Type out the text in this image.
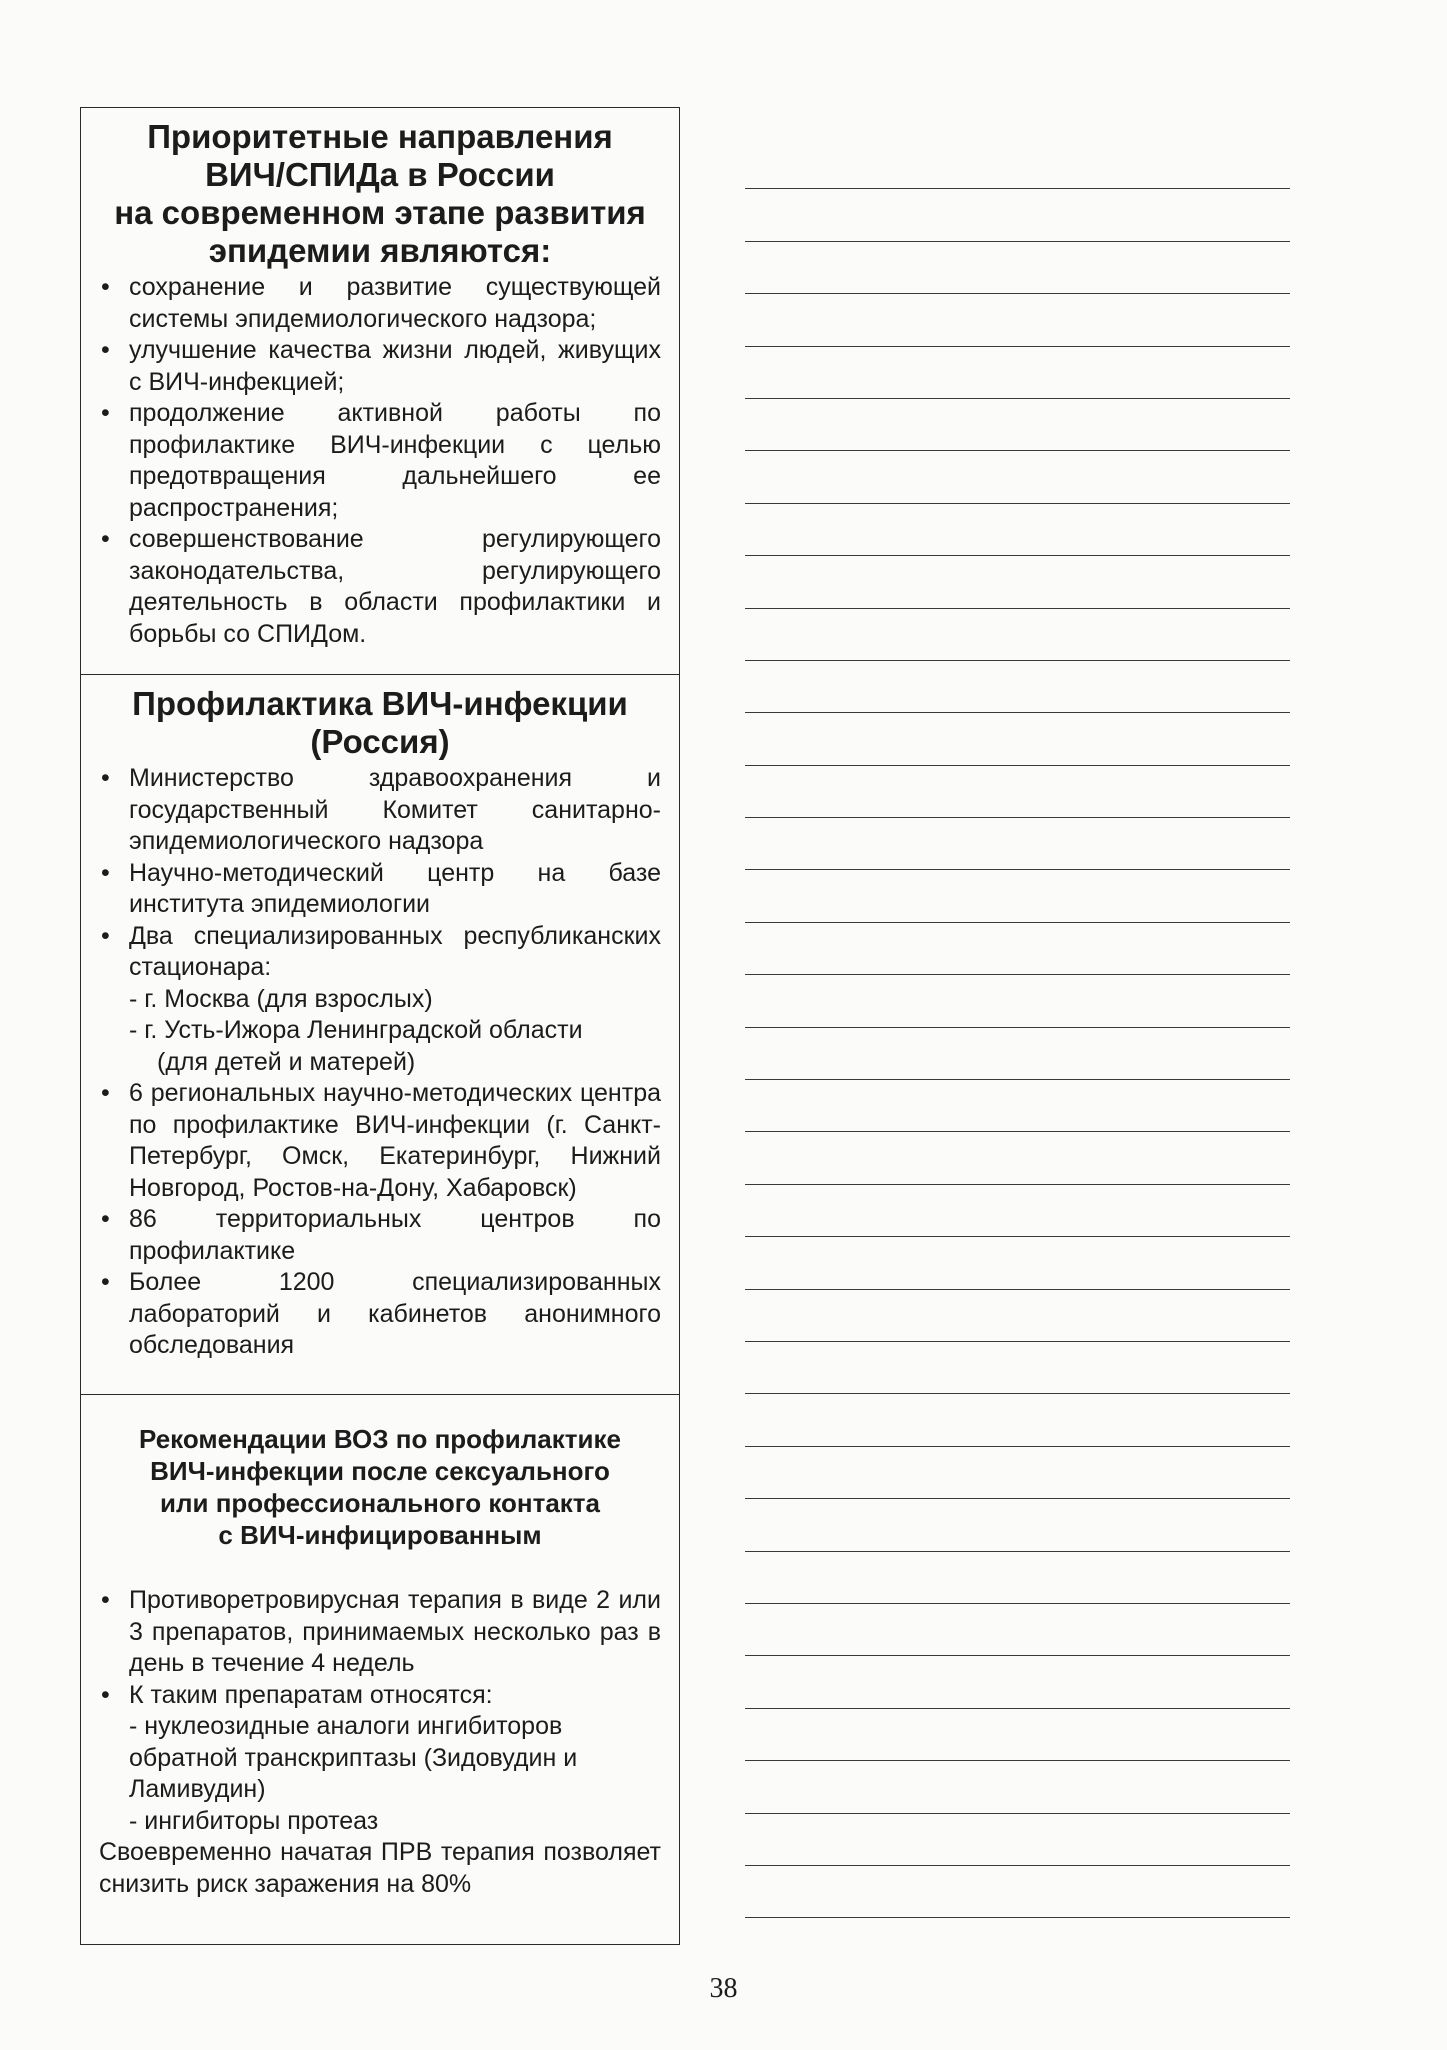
Приоритетные направления
ВИЧ/СПИДа в России
на современном этапе развития
эпидемии являются:
• сохранение и развитие существующей системы эпидемиологического надзора;
• улучшение качества жизни людей, живущих с ВИЧ-инфекцией;
• продолжение активной работы по профилактике ВИЧ-инфекции с целью предотвращения дальнейшего ее распространения;
• совершенствование регулирующего законодательства, регулирующего деятельность в области профилактики и борьбы со СПИДом.
Профилактика ВИЧ-инфекции
(Россия)
• Министерство здравоохранения и государственный Комитет санитарно-эпидемиологического надзора
• Научно-методический центр на базе института эпидемиологии
• Два специализированных республиканских стационара:
- г. Москва (для взрослых)
- г. Усть-Ижора Ленинградской области
(для детей и матерей)
• 6 региональных научно-методических центра по профилактике ВИЧ-инфекции (г. Санкт-Петербург, Омск, Екатеринбург, Нижний Новгород, Ростов-на-Дону, Хабаровск)
• 86 территориальных центров по профилактике
• Более 1200 специализированных лабораторий и кабинетов анонимного обследования
Рекомендации ВОЗ по профилактике
ВИЧ-инфекции после сексуального
или профессионального контакта
с ВИЧ-инфицированным
• Противоретровирусная терапия в виде 2 или 3 препаратов, принимаемых несколько раз в день в течение 4 недель
• К таким препаратам относятся:
- нуклеозидные аналоги ингибиторов обратной транскриптазы (Зидовудин и Ламивудин)
- ингибиторы протеаз
Своевременно начатая ПРВ терапия позволяет снизить риск заражения на 80%
38
